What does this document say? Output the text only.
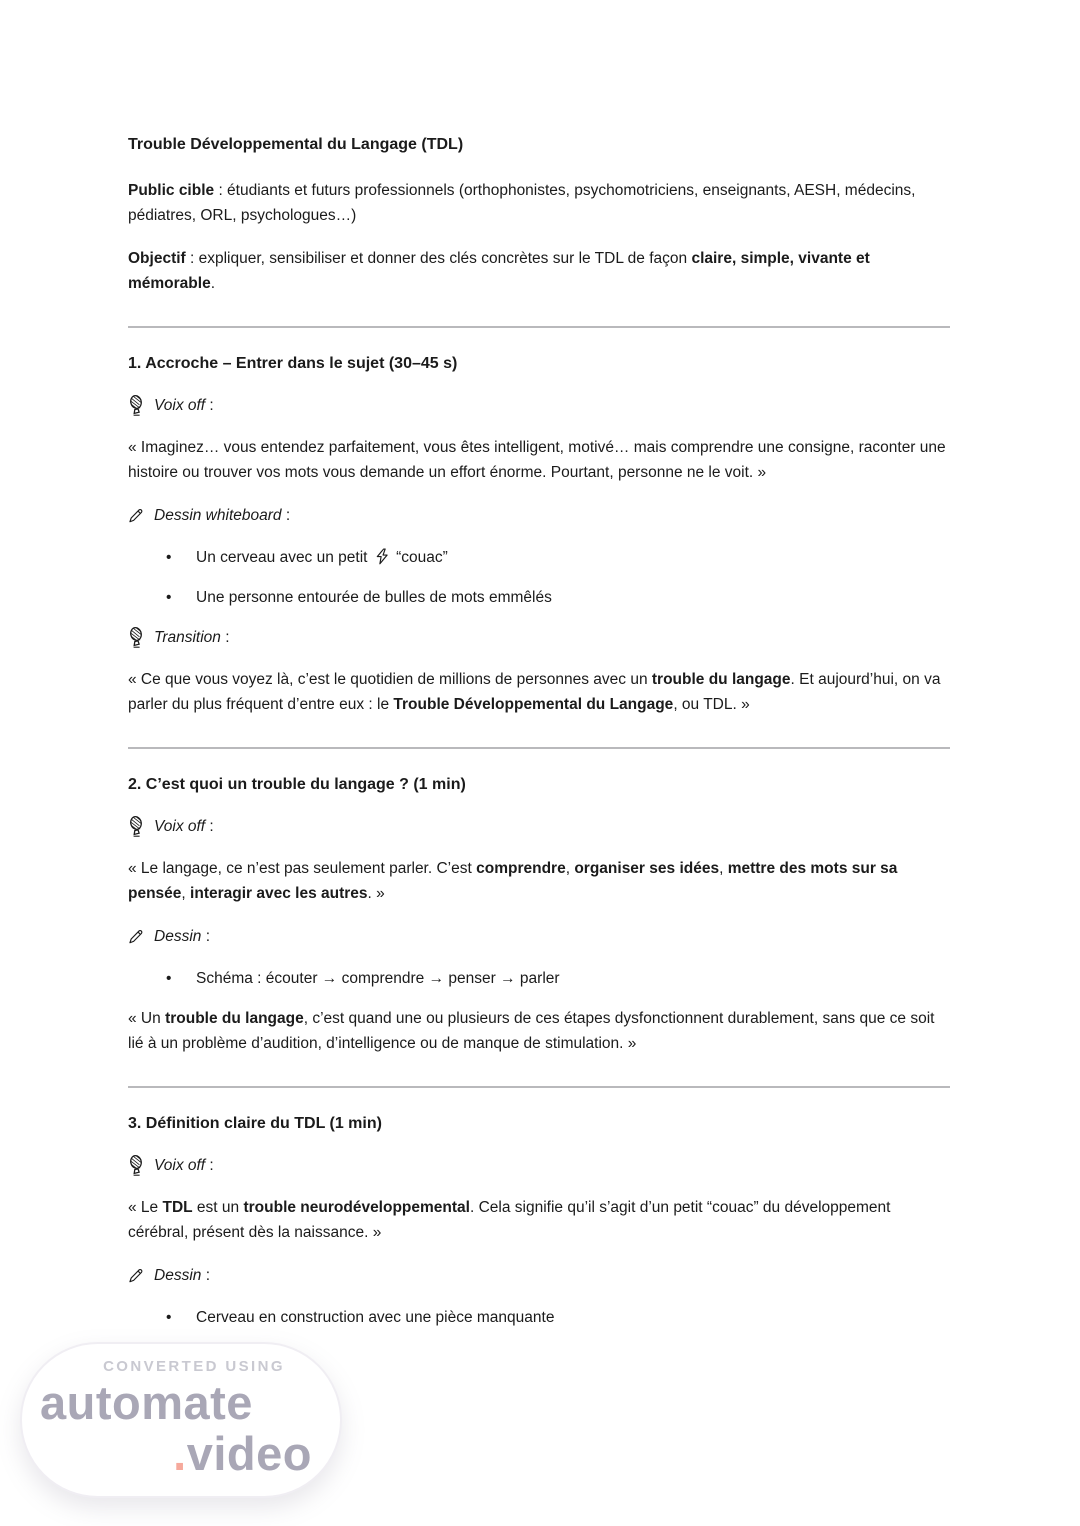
CONVERTED USING
automate
.video
Trouble Développemental du Langage (TDL)

Public cible : étudiants et futurs professionnels (orthophonistes, psychomotriciens, enseignants, AESH, médecins, pédiatres, ORL, psychologues…)

Objectif : expliquer, sensibiliser et donner des clés concrètes sur le TDL de façon claire, simple, vivante et mémorable.

1. Accroche – Entrer dans le sujet (30–45 s)
Voix off :

« Imaginez… vous entendez parfaitement, vous êtes intelligent, motivé… mais comprendre une consigne, raconter une histoire ou trouver vos mots vous demande un effort énorme. Pourtant, personne ne le voit. »

Dessin whiteboard :
• Un cerveau avec un petit
“couac”
• Une personne entourée de bulles de mots emmêlés
Transition :

« Ce que vous voyez là, c’est le quotidien de millions de personnes avec un trouble du langage. Et aujourd’hui, on va parler du plus fréquent d’entre eux : le Trouble Développemental du Langage, ou TDL. »

2. C’est quoi un trouble du langage ? (1 min)
Voix off :

« Le langage, ce n’est pas seulement parler. C’est comprendre, organiser ses idées, mettre des mots sur sa pensée, interagir avec les autres. »

Dessin :
• Schéma : écouter → comprendre → penser → parler

« Un trouble du langage, c’est quand une ou plusieurs de ces étapes dysfonctionnent durablement, sans que ce soit lié à un problème d’audition, d’intelligence ou de manque de stimulation. »

3. Définition claire du TDL (1 min)
Voix off :

« Le TDL est un trouble neurodéveloppemental. Cela signifie qu’il s’agit d’un petit “couac” du développement cérébral, présent dès la naissance. »

Dessin :
• Cerveau en construction avec une pièce manquante
